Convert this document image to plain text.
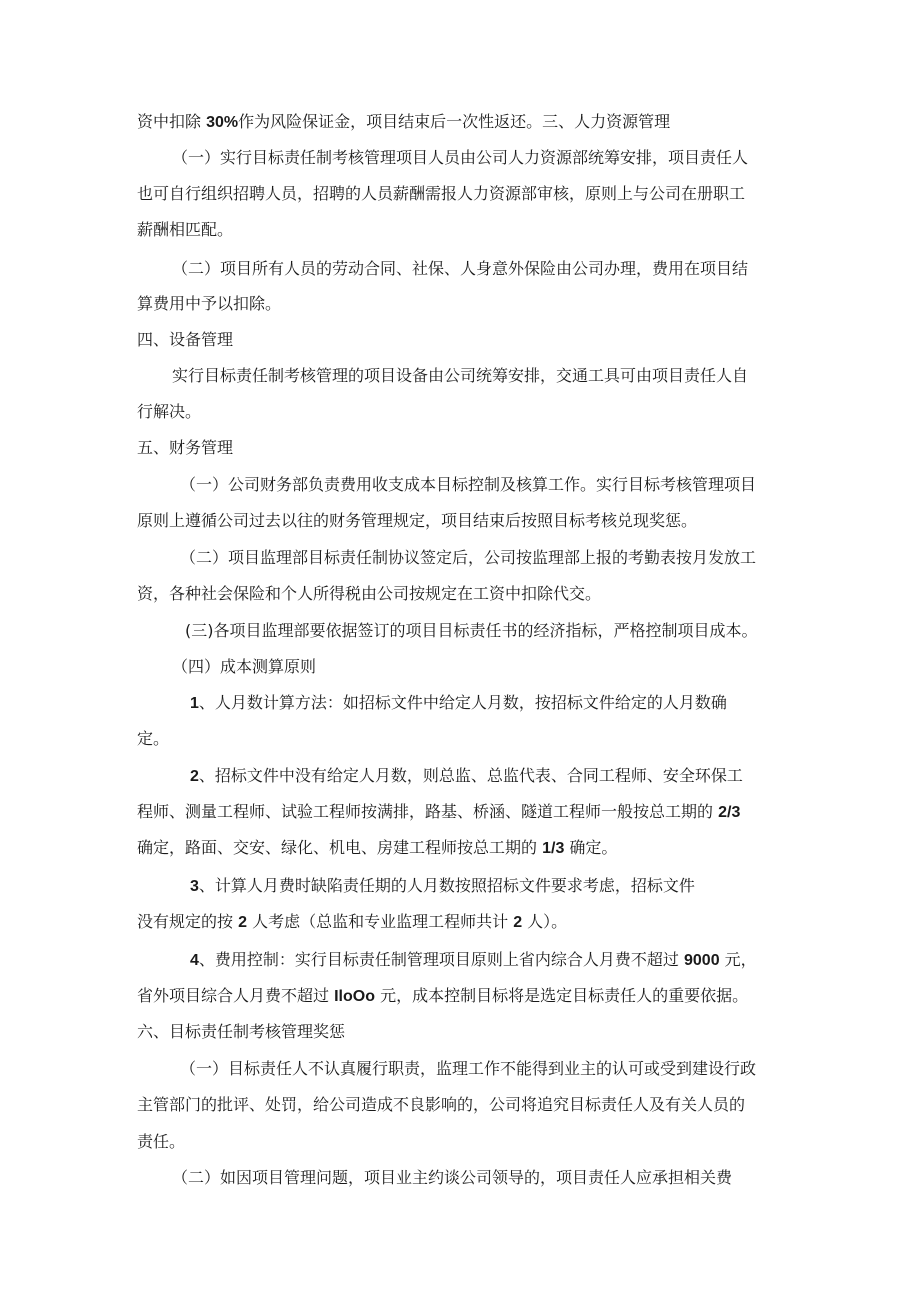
资中扣除 30%作为风险保证金，项目结束后一次性返还。三、人力资源管理
（一）实行目标责任制考核管理项目人员由公司人力资源部统筹安排，项目责任人
也可自行组织招聘人员，招聘的人员薪酬需报人力资源部审核，原则上与公司在册职工
薪酬相匹配。
（二）项目所有人员的劳动合同、社保、人身意外保险由公司办理，费用在项目结
算费用中予以扣除。
四、设备管理
实行目标责任制考核管理的项目设备由公司统筹安排，交通工具可由项目责任人自
行解决。
五、财务管理
（一）公司财务部负责费用收支成本目标控制及核算工作。实行目标考核管理项目
原则上遵循公司过去以往的财务管理规定，项目结束后按照目标考核兑现奖惩。
（二）项目监理部目标责任制协议签定后，公司按监理部上报的考勤表按月发放工
资，各种社会保险和个人所得税由公司按规定在工资中扣除代交。
(三)各项目监理部要依据签订的项目目标责任书的经济指标，严格控制项目成本。
（四）成本测算原则
1、人月数计算方法：如招标文件中给定人月数，按招标文件给定的人月数确
定。
2、招标文件中没有给定人月数，则总监、总监代表、合同工程师、安全环保工
程师、测量工程师、试验工程师按满排，路基、桥涵、隧道工程师一般按总工期的 2/3
确定，路面、交安、绿化、机电、房建工程师按总工期的 1/3 确定。
3、计算人月费时缺陷责任期的人月数按照招标文件要求考虑，招标文件
没有规定的按 2 人考虑（总监和专业监理工程师共计 2 人）。
4、费用控制：实行目标责任制管理项目原则上省内综合人月费不超过 9000 元，
省外项目综合人月费不超过 IloOo 元，成本控制目标将是选定目标责任人的重要依据。
六、目标责任制考核管理奖惩
（一）目标责任人不认真履行职责，监理工作不能得到业主的认可或受到建设行政
主管部门的批评、处罚，给公司造成不良影响的，公司将追究目标责任人及有关人员的
责任。
（二）如因项目管理问题，项目业主约谈公司领导的，项目责任人应承担相关费
